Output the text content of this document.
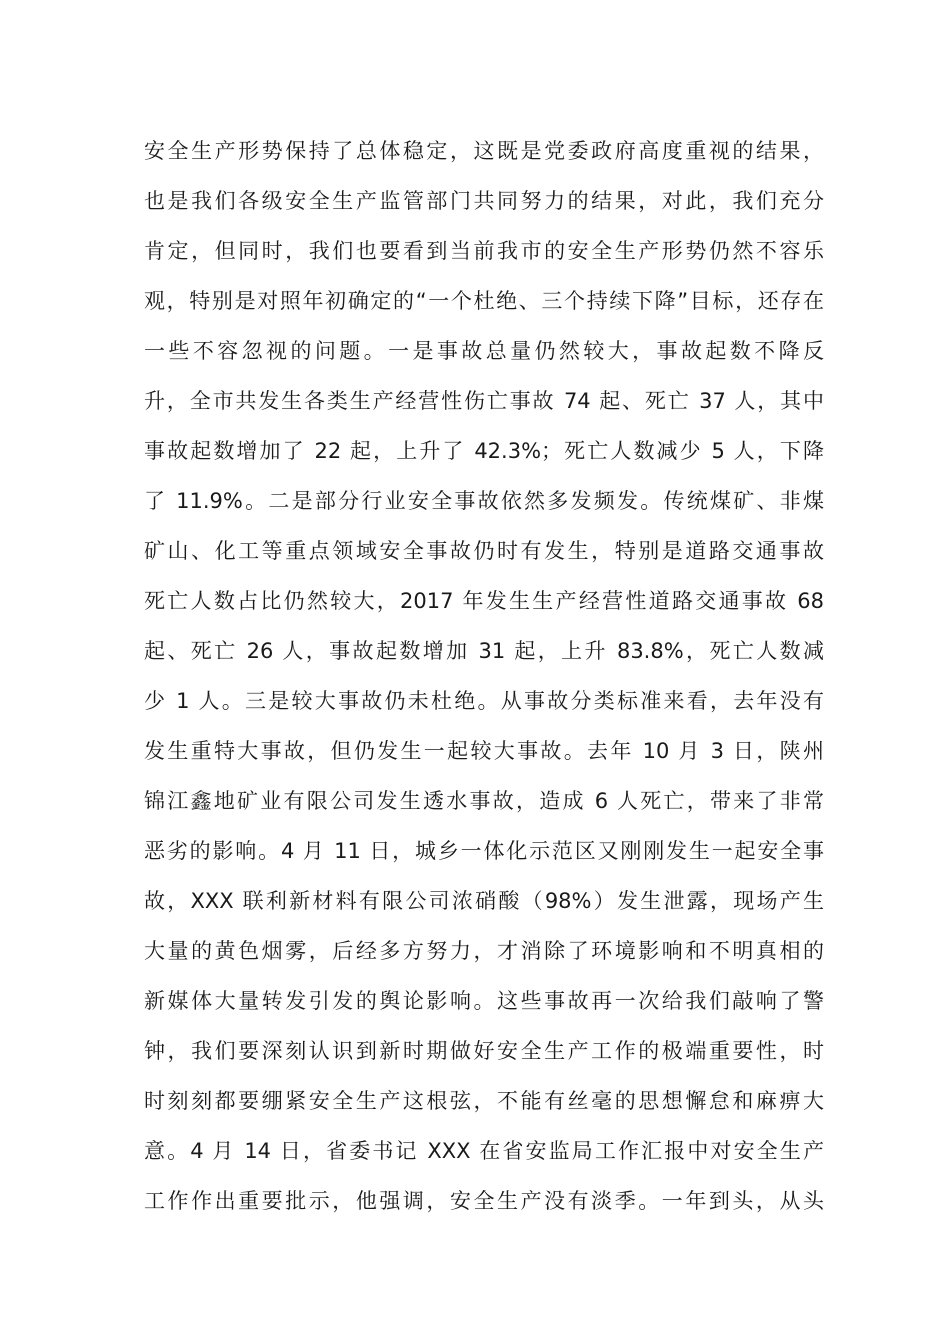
安全生产形势保持了总体稳定，这既是党委政府高度重视的结果，
也是我们各级安全生产监管部门共同努力的结果，对此，我们充分
肯定，但同时，我们也要看到当前我市的安全生产形势仍然不容乐
观，特别是对照年初确定的“一个杜绝、三个持续下降”目标，还存在
一些不容忽视的问题。一是事故总量仍然较大，事故起数不降反
升，全市共发生各类生产经营性伤亡事故 74 起、死亡 37 人，其中
事故起数增加了 22 起，上升了 42.3%；死亡人数减少 5 人，下降
了 11.9%。二是部分行业安全事故依然多发频发。传统煤矿、非煤
矿山、化工等重点领域安全事故仍时有发生，特别是道路交通事故
死亡人数占比仍然较大，2017 年发生生产经营性道路交通事故 68
起、死亡 26 人，事故起数增加 31 起，上升 83.8%，死亡人数减
少 1 人。三是较大事故仍未杜绝。从事故分类标准来看，去年没有
发生重特大事故，但仍发生一起较大事故。去年 10 月 3 日，陕州
锦江鑫地矿业有限公司发生透水事故，造成 6 人死亡，带来了非常
恶劣的影响。4 月 11 日，城乡一体化示范区又刚刚发生一起安全事
故，XXX 联利新材料有限公司浓硝酸（98%）发生泄露，现场产生
大量的黄色烟雾，后经多方努力，才消除了环境影响和不明真相的
新媒体大量转发引发的舆论影响。这些事故再一次给我们敲响了警
钟，我们要深刻认识到新时期做好安全生产工作的极端重要性，时
时刻刻都要绷紧安全生产这根弦，不能有丝毫的思想懈怠和麻痹大
意。4 月 14 日，省委书记 XXX 在省安监局工作汇报中对安全生产
工作作出重要批示，他强调，安全生产没有淡季。一年到头，从头
